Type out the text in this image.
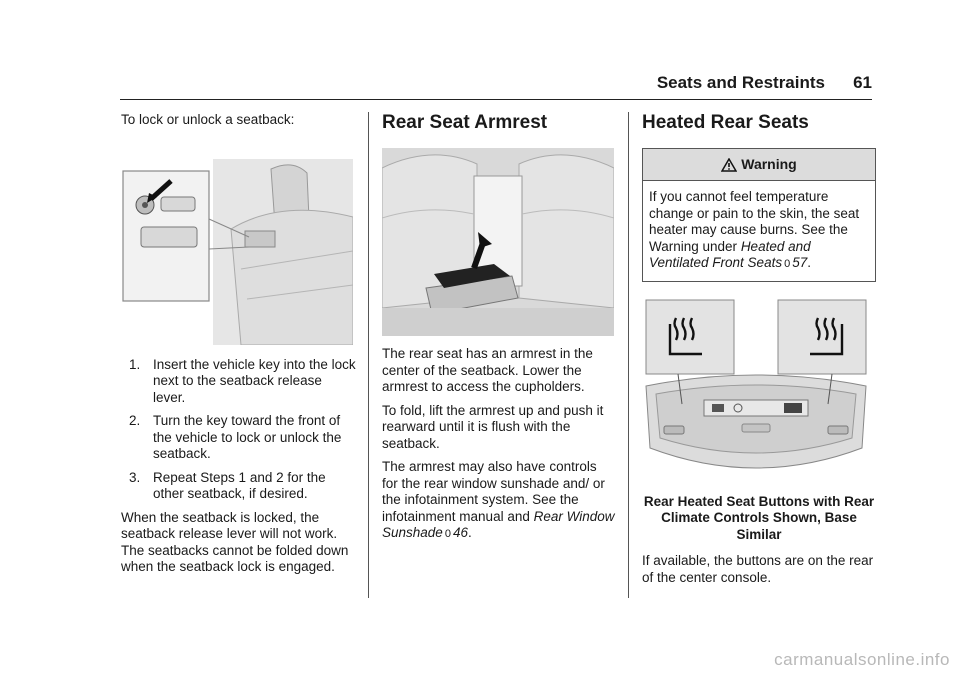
Seats and Restraints 61

To lock or unlock a seatback:

1. Insert the vehicle key into the lock next to the seatback release lever.
2. Turn the key toward the front of the vehicle to lock or unlock the seatback.
3. Repeat Steps 1 and 2 for the other seatback, if desired.

When the seatback is locked, the seatback release lever will not work. The seatbacks cannot be folded down when the seatback lock is engaged.

Rear Seat Armrest

The rear seat has an armrest in the center of the seatback. Lower the armrest to access the cupholders.

To fold, lift the armrest up and push it rearward until it is flush with the seatback.

The armrest may also have controls for the rear window sunshade and/ or the infotainment system. See the infotainment manual and Rear Window Sunshade 0 46.

Heated Rear Seats
Warning
If you cannot feel temperature change or pain to the skin, the seat heater may cause burns. See the Warning under Heated and Ventilated Front Seats 0 57.
Rear Heated Seat Buttons with Rear Climate Controls Shown, Base Similar

If available, the buttons are on the rear of the center console.

carmanualsonline.info
